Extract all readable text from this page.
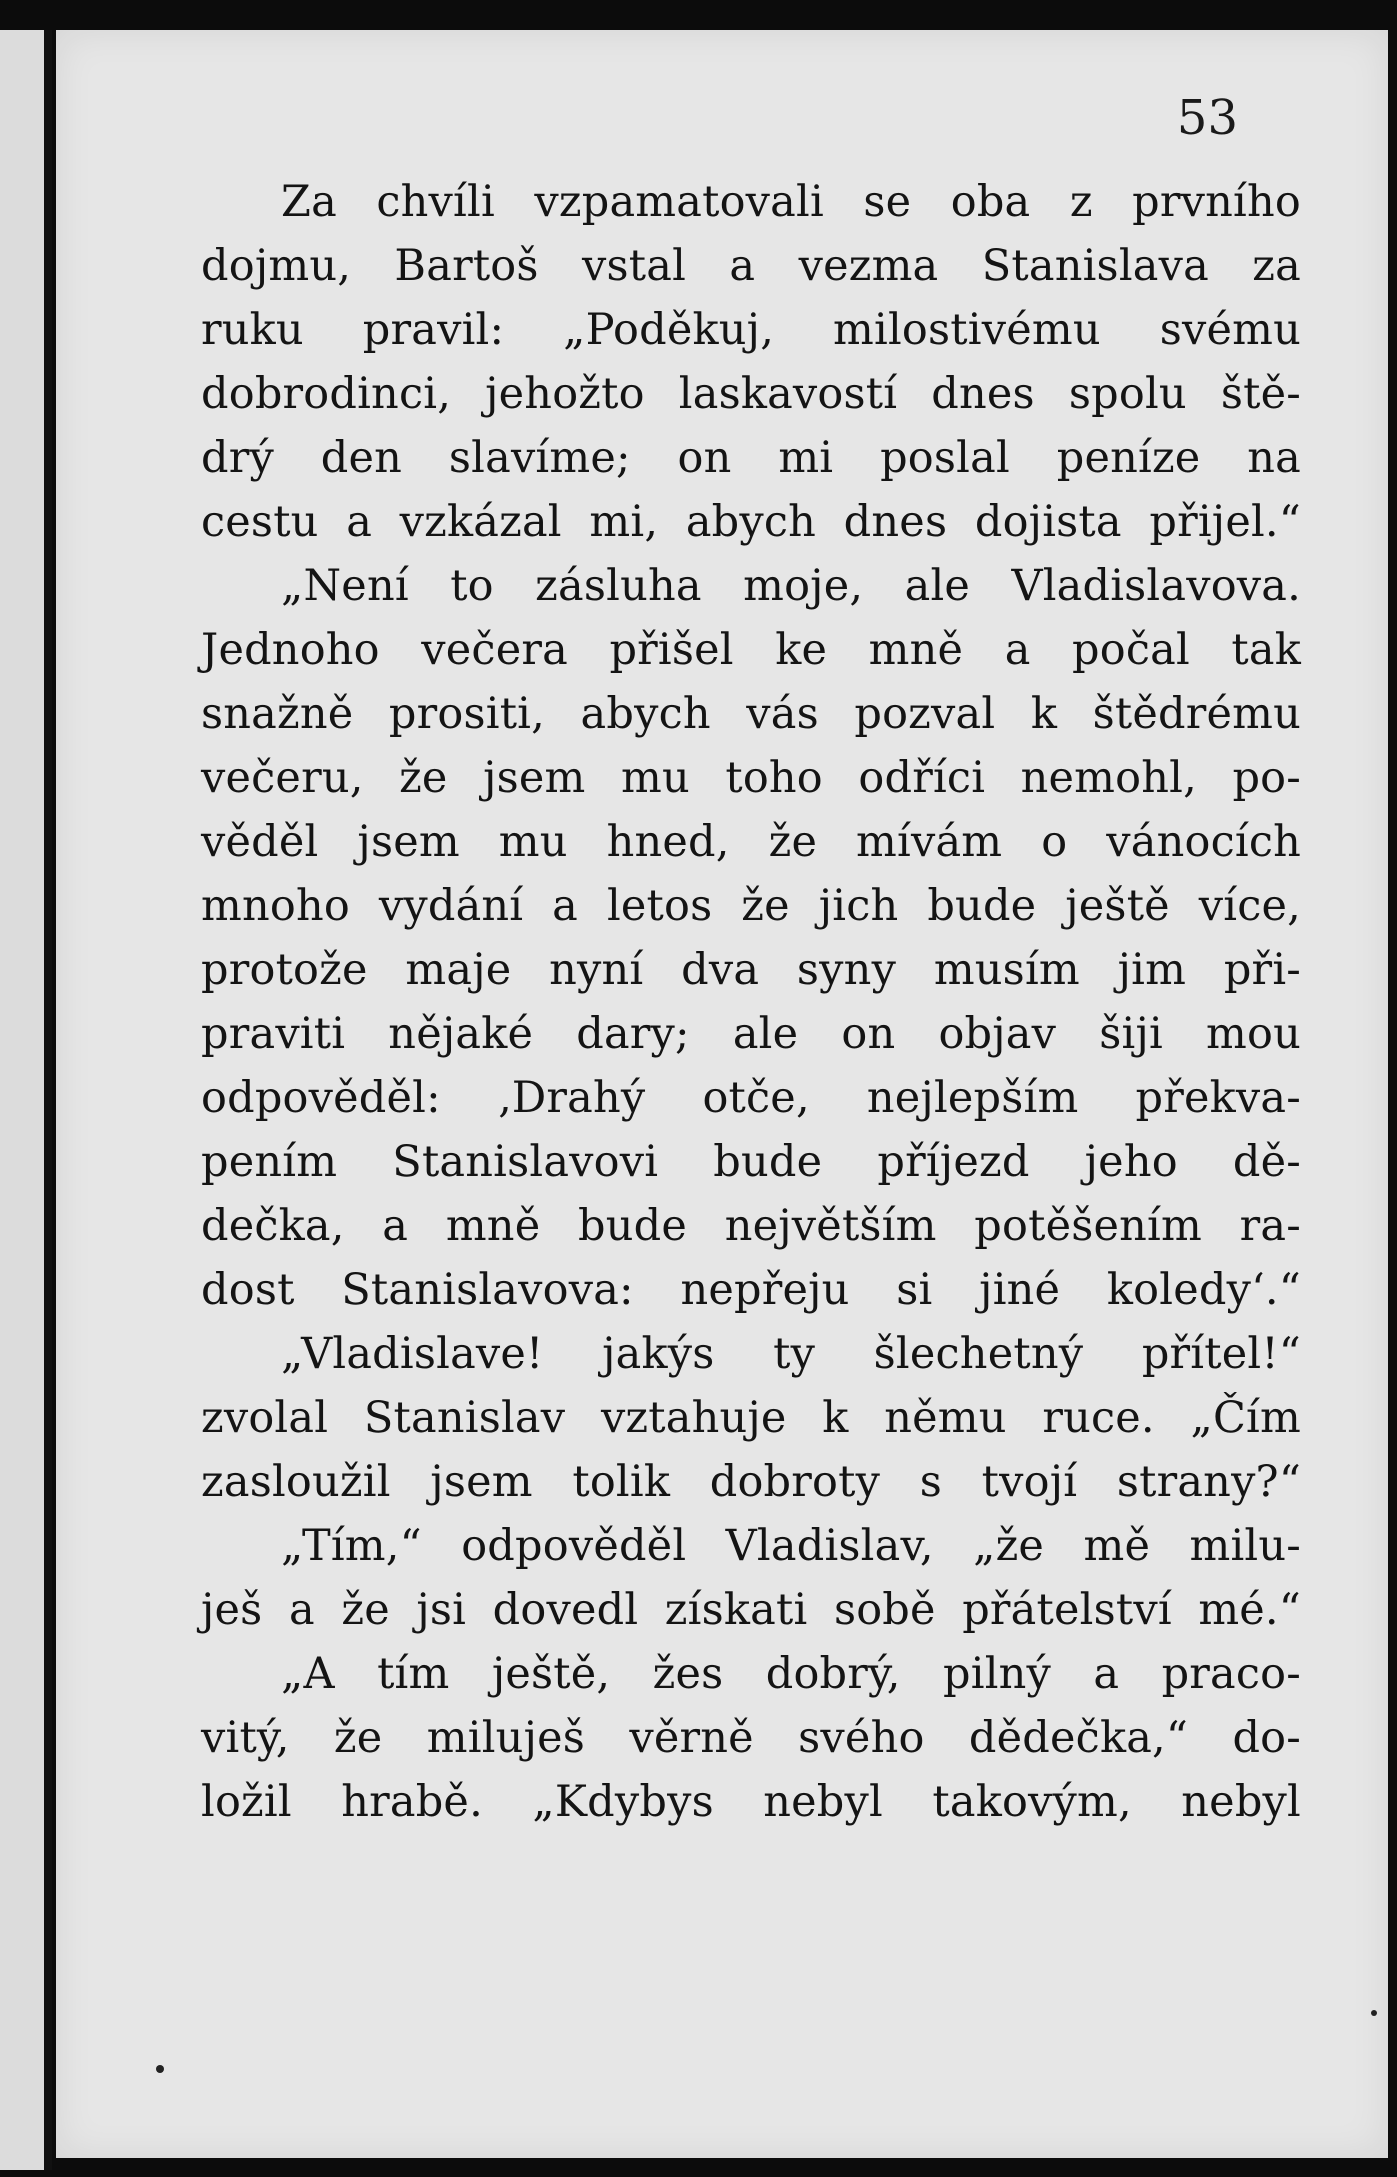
53
Za chvíli vzpamatovali se oba z prvního
dojmu, Bartoš vstal a vezma Stanislava za
ruku pravil: „Poděkuj, milostivému svému
dobrodinci, jehožto laskavostí dnes spolu ště-
drý den slavíme; on mi poslal peníze na
cestu a vzkázal mi, abych dnes dojista přijel.“
„Není to zásluha moje, ale Vladislavova.
Jednoho večera přišel ke mně a počal tak
snažně prositi, abych vás pozval k štědrému
večeru, že jsem mu toho odříci nemohl, po-
věděl jsem mu hned, že mívám o vánocích
mnoho vydání a letos že jich bude ještě více,
protože maje nyní dva syny musím jim při-
praviti nějaké dary; ale on objav šiji mou
odpověděl: ‚Drahý otče, nejlepším překva-
pením Stanislavovi bude příjezd jeho dě-
dečka, a mně bude největším potěšením ra-
dost Stanislavova: nepřeju si jiné koledy‘.“
„Vladislave! jakýs ty šlechetný přítel!“
zvolal Stanislav vztahuje k němu ruce. „Čím
zasloužil jsem tolik dobroty s tvojí strany?“
„Tím,“ odpověděl Vladislav, „že mě milu-
ješ a že jsi dovedl získati sobě přátelství mé.“
„A tím ještě, žes dobrý, pilný a praco-
vitý, že miluješ věrně svého dědečka,“ do-
ložil hrabě. „Kdybys nebyl takovým, nebyl
